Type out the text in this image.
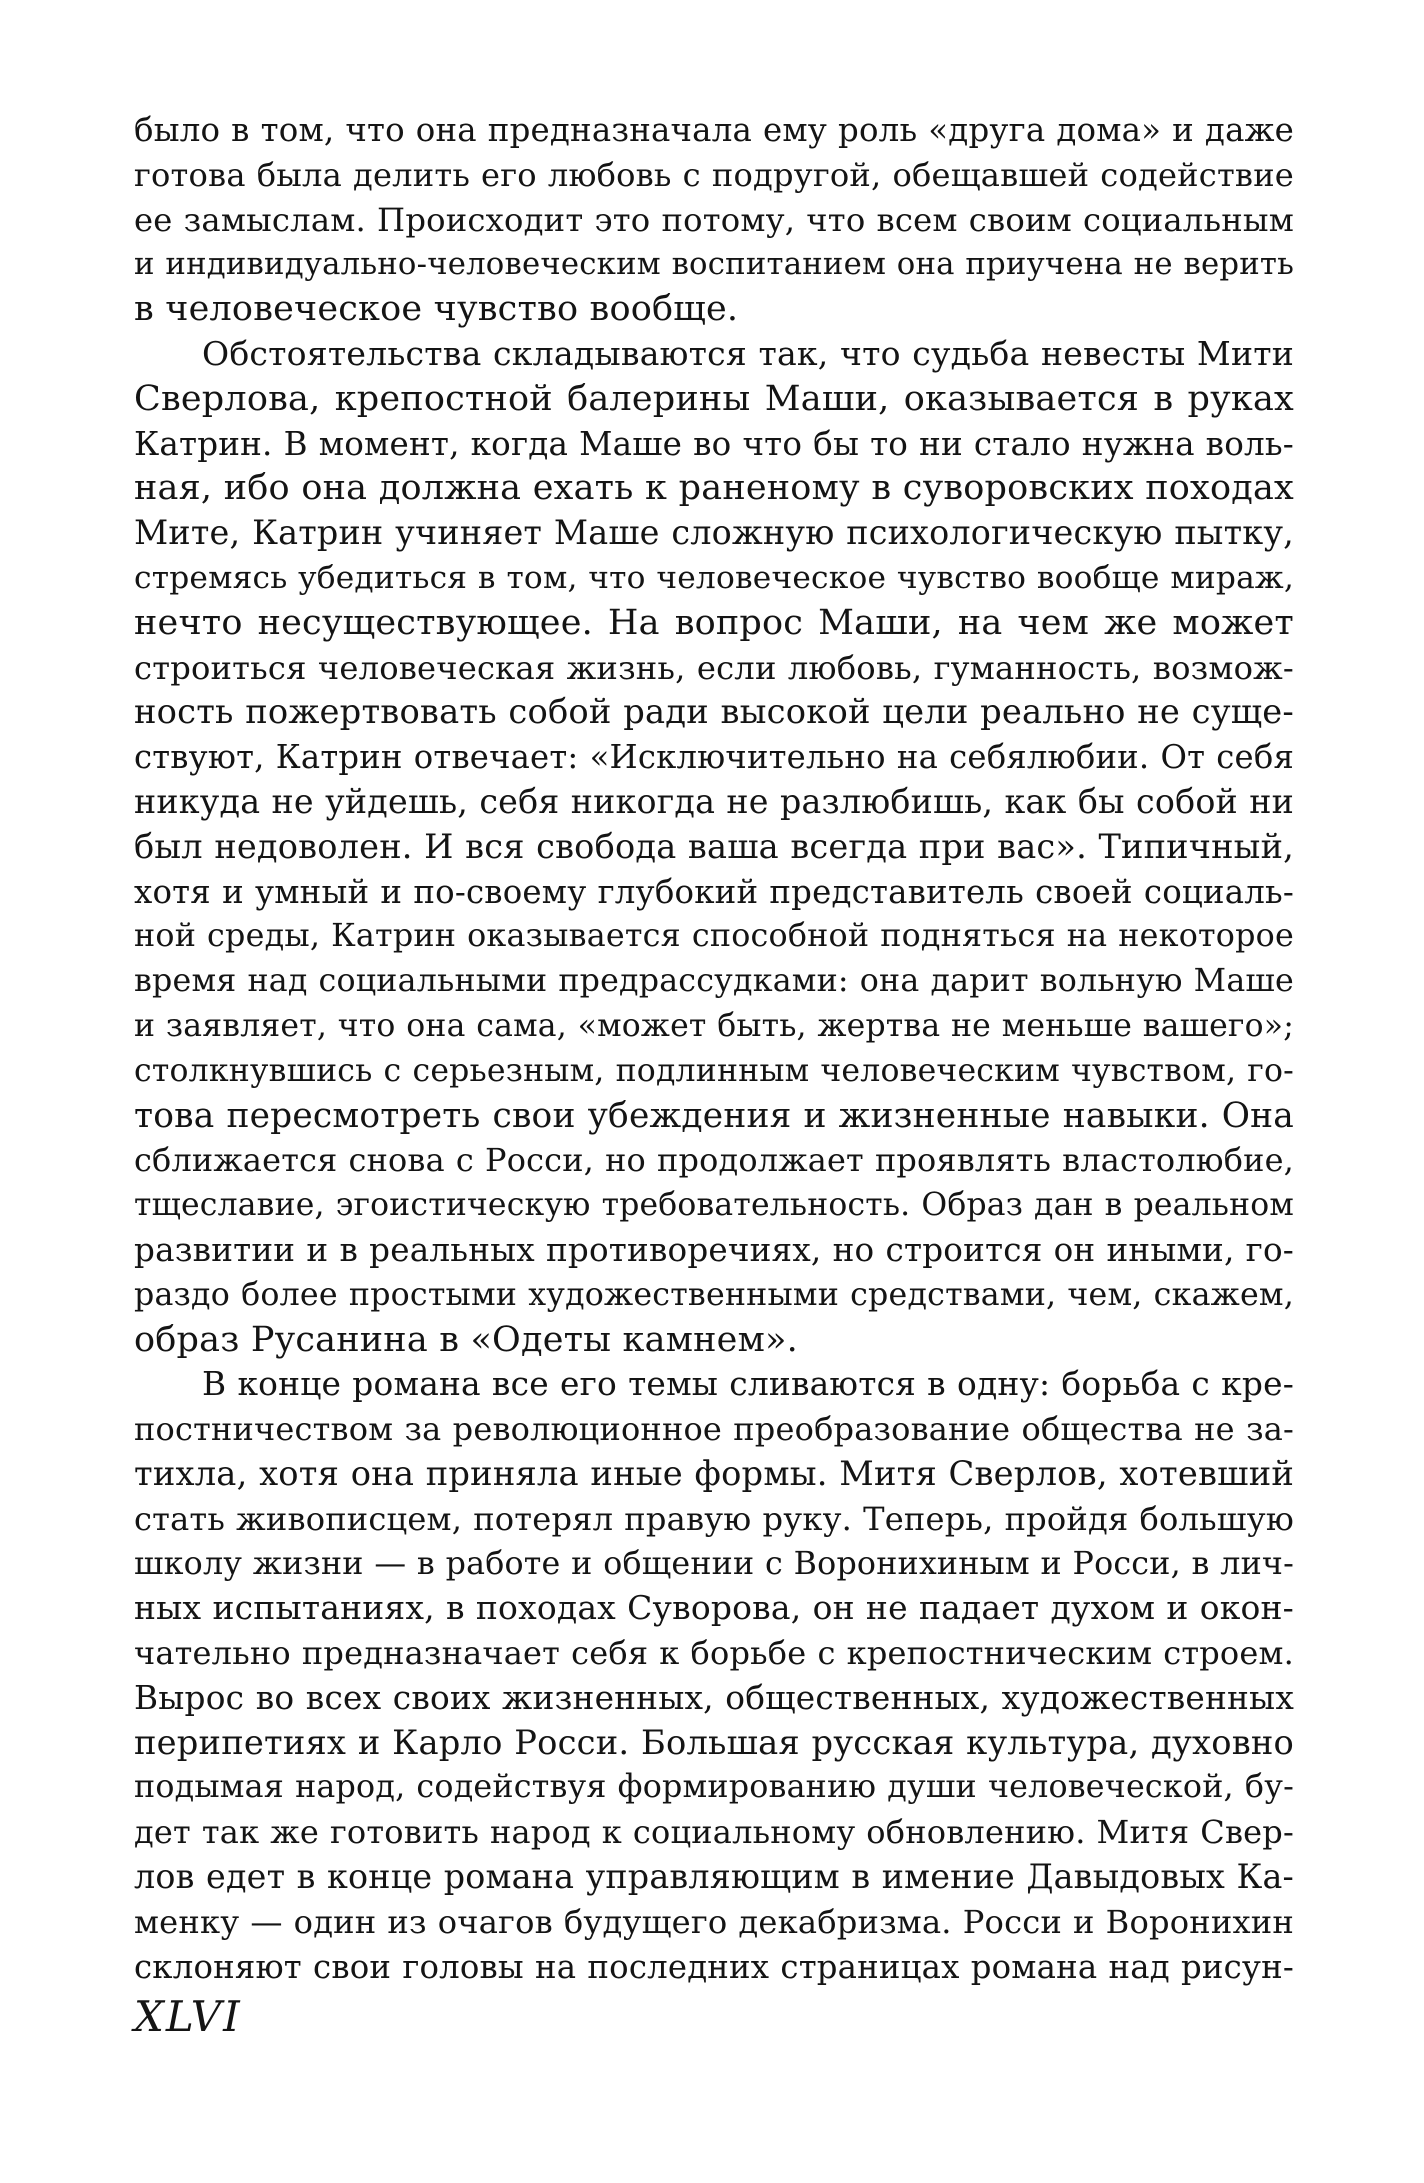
было в том, что она предназначала ему роль «друга дома» и даже
готова была делить его любовь с подругой, обещавшей содействие
ее замыслам. Происходит это потому, что всем своим социальным
и индивидуально-человеческим воспитанием она приучена не верить
в человеческое чувство вообще.
Обстоятельства складываются так, что судьба невесты Мити
Сверлова, крепостной балерины Маши, оказывается в руках
Катрин. В момент, когда Маше во что бы то ни стало нужна воль-
ная, ибо она должна ехать к раненому в суворовских походах
Мите, Катрин учиняет Маше сложную психологическую пытку,
стремясь убедиться в том, что человеческое чувство вообще мираж,
нечто несуществующее. На вопрос Маши, на чем же может
строиться человеческая жизнь, если любовь, гуманность, возмож-
ность пожертвовать собой ради высокой цели реально не суще-
ствуют, Катрин отвечает: «Исключительно на себялюбии. От себя
никуда не уйдешь, себя никогда не разлюбишь, как бы собой ни
был недоволен. И вся свобода ваша всегда при вас». Типичный,
хотя и умный и по-своему глубокий представитель своей социаль-
ной среды, Катрин оказывается способной подняться на некоторое
время над социальными предрассудками: она дарит вольную Маше
и заявляет, что она сама, «может быть, жертва не меньше вашего»;
столкнувшись с серьезным, подлинным человеческим чувством, го-
това пересмотреть свои убеждения и жизненные навыки. Она
сближается снова с Росси, но продолжает проявлять властолюбие,
тщеславие, эгоистическую требовательность. Образ дан в реальном
развитии и в реальных противоречиях, но строится он иными, го-
раздо более простыми художественными средствами, чем, скажем,
образ Русанина в «Одеты камнем».
В конце романа все его темы сливаются в одну: борьба с кре-
постничеством за революционное преобразование общества не за-
тихла, хотя она приняла иные формы. Митя Сверлов, хотевший
стать живописцем, потерял правую руку. Теперь, пройдя большую
школу жизни — в работе и общении с Воронихиным и Росси, в лич-
ных испытаниях, в походах Суворова, он не падает духом и окон-
чательно предназначает себя к борьбе с крепостническим строем.
Вырос во всех своих жизненных, общественных, художественных
перипетиях и Карло Росси. Большая русская культура, духовно
подымая народ, содействуя формированию души человеческой, бу-
дет так же готовить народ к социальному обновлению. Митя Свер-
лов едет в конце романа управляющим в имение Давыдовых Ка-
менку — один из очагов будущего декабризма. Росси и Воронихин
склоняют свои головы на последних страницах романа над рисун-
XLVI
